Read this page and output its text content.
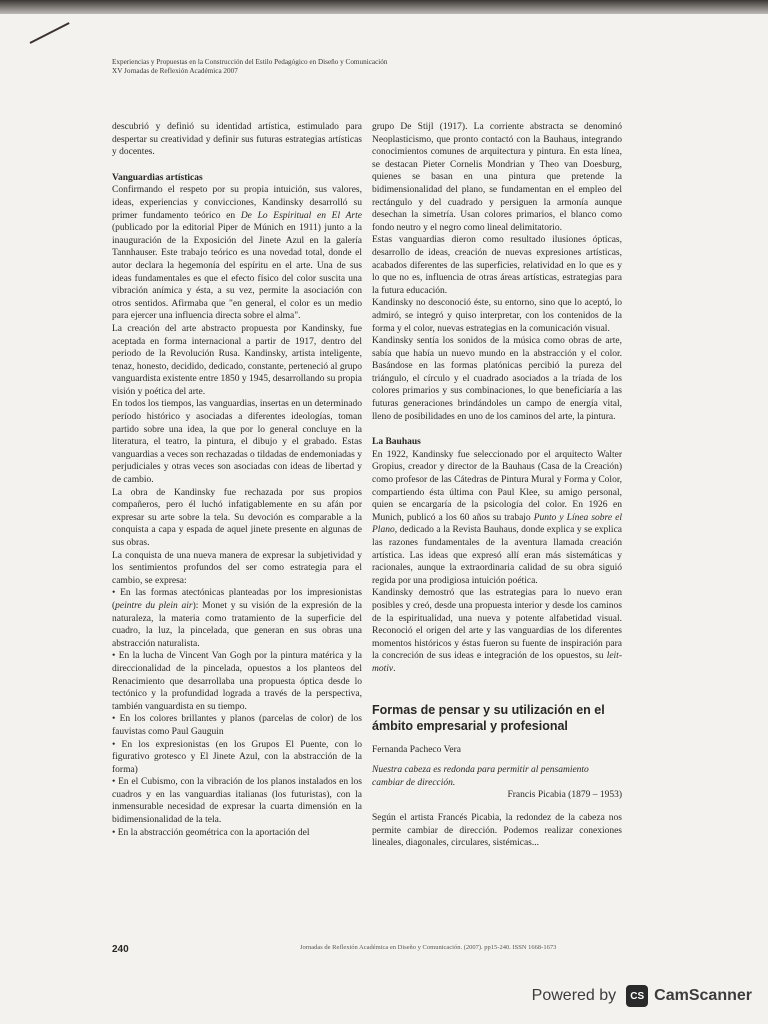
Experiencias y Propuestas en la Construcción del Estilo Pedagógico en Diseño y Comunicación
XV Jornadas de Reflexión Académica 2007

descubrió y definió su identidad artística, estimulado para despertar su creatividad y definir sus futuras estrategias artísticas y docentes.

Vanguardias artísticas

Confirmando el respeto por su propia intuición, sus valores, ideas, experiencias y convicciones, Kandinsky desarrolló su primer fundamento teórico en De Lo Espiritual en El Arte (publicado por la editorial Piper de Múnich en 1911) junto a la inauguración de la Exposición del Jinete Azul en la galería Tannhauser. Este trabajo teórico es una novedad total, donde el autor declara la hegemonía del espíritu en el arte. Una de sus ideas fundamentales es que el efecto físico del color suscita una vibración anímica y ésta, a su vez, permite la asociación con otros sentidos. Afirmaba que "en general, el color es un medio para ejercer una influencia directa sobre el alma".

La creación del arte abstracto propuesta por Kandinsky, fue aceptada en forma internacional a partir de 1917, dentro del periodo de la Revolución Rusa. Kandinsky, artista inteligente, tenaz, honesto, decidido, dedicado, constante, perteneció al grupo vanguardista existente entre 1850 y 1945, desarrollando su propia visión y poética del arte.

En todos los tiempos, las vanguardias, insertas en un determinado período histórico y asociadas a diferentes ideologías, toman partido sobre una idea, la que por lo general concluye en la literatura, el teatro, la pintura, el dibujo y el grabado. Estas vanguardias a veces son rechazadas o tildadas de endemoniadas y perjudiciales y otras veces son asociadas con ideas de libertad y de cambio.

La obra de Kandinsky fue rechazada por sus propios compañeros, pero él luchó infatigablemente en su afán por expresar su arte sobre la tela. Su devoción es comparable a la conquista a capa y espada de aquel jinete presente en algunas de sus obras.

La conquista de una nueva manera de expresar la subjetividad y los sentimientos profundos del ser como estrategia para el cambio, se expresa:

• En las formas atectónicas planteadas por los impresionistas (peintre du plein air): Monet y su visión de la expresión de la naturaleza, la materia como tratamiento de la superficie del cuadro, la luz, la pincelada, que generan en sus obras una abstracción naturalista.
• En la lucha de Vincent Van Gogh por la pintura matérica y la direccionalidad de la pincelada, opuestos a los planteos del Renacimiento que desarrollaba una propuesta óptica desde lo tectónico y la profundidad lograda a través de la perspectiva, también vanguardista en su tiempo.
• En los colores brillantes y planos (parcelas de color) de los fauvistas como Paul Gauguin
• En los expresionistas (en los Grupos El Puente, con lo figurativo grotesco y El Jinete Azul, con la abstracción de la forma)
• En el Cubismo, con la vibración de los planos instalados en los cuadros y en las vanguardias italianas (los futuristas), con la inmensurable necesidad de expresar la cuarta dimensión en la bidimensionalidad de la tela.
• En la abstracción geométrica con la aportación del

grupo De Stijl (1917). La corriente abstracta se denominó Neoplasticismo, que pronto contactó con la Bauhaus, integrando conocimientos comunes de arquitectura y pintura. En esta línea, se destacan Pieter Cornelis Mondrian y Theo van Doesburg, quienes se basan en una pintura que pretende la bidimensionalidad del plano, se fundamentan en el empleo del rectángulo y del cuadrado y persiguen la armonía aunque desechan la simetría. Usan colores primarios, el blanco como fondo neutro y el negro como lineal delimitatorio.

Estas vanguardias dieron como resultado ilusiones ópticas, desarrollo de ideas, creación de nuevas expresiones artísticas, acabados diferentes de las superficies, relatividad en lo que es y lo que no es, influencia de otras áreas artísticas, estrategias para la futura educación.

Kandinsky no desconoció éste, su entorno, sino que lo aceptó, lo admiró, se integró y quiso interpretar, con los contenidos de la forma y el color, nuevas estrategias en la comunicación visual.

Kandinsky sentía los sonidos de la música como obras de arte, sabía que había un nuevo mundo en la abstracción y el color. Basándose en las formas platónicas percibió la pureza del triángulo, el círculo y el cuadrado asociados a la tríada de los colores primarios y sus combinaciones, lo que beneficiaría a las futuras generaciones brindándoles un campo de energía vital, lleno de posibilidades en uno de los caminos del arte, la pintura.

La Bauhaus

En 1922, Kandinsky fue seleccionado por el arquitecto Walter Gropius, creador y director de la Bauhaus (Casa de la Creación) como profesor de las Cátedras de Pintura Mural y Forma y Color, compartiendo ésta última con Paul Klee, su amigo personal, quien se encargaría de la psicología del color. En 1926 en Munich, publicó a los 60 años su trabajo Punto y Línea sobre el Plano, dedicado a la Revista Bauhaus, donde explica y se explica las razones fundamentales de la aventura llamada creación artística. Las ideas que expresó allí eran más sistemáticas y racionales, aunque la extraordinaria calidad de su obra siguió regida por una prodigiosa intuición poética.

Kandinsky demostró que las estrategias para lo nuevo eran posibles y creó, desde una propuesta interior y desde los caminos de la espiritualidad, una nueva y potente alfabetidad visual. Reconoció el origen del arte y las vanguardias de los diferentes momentos históricos y éstas fueron su fuente de inspiración para la concreción de sus ideas e integración de los opuestos, su leit-motiv.

Formas de pensar y su utilización en el ámbito empresarial y profesional

Fernanda Pacheco Vera

Nuestra cabeza es redonda para permitir al pensamiento cambiar de dirección.

Francis Picabia (1879 – 1953)

Según el artista Francés Picabia, la redondez de la cabeza nos permite cambiar de dirección. Podemos realizar conexiones lineales, diagonales, circulares, sistémicas...

240	Jornadas de Reflexión Académica en Diseño y Comunicación. (2007). pp15-240. ISSN 1668-1673
Powered by	CS CamScanner
